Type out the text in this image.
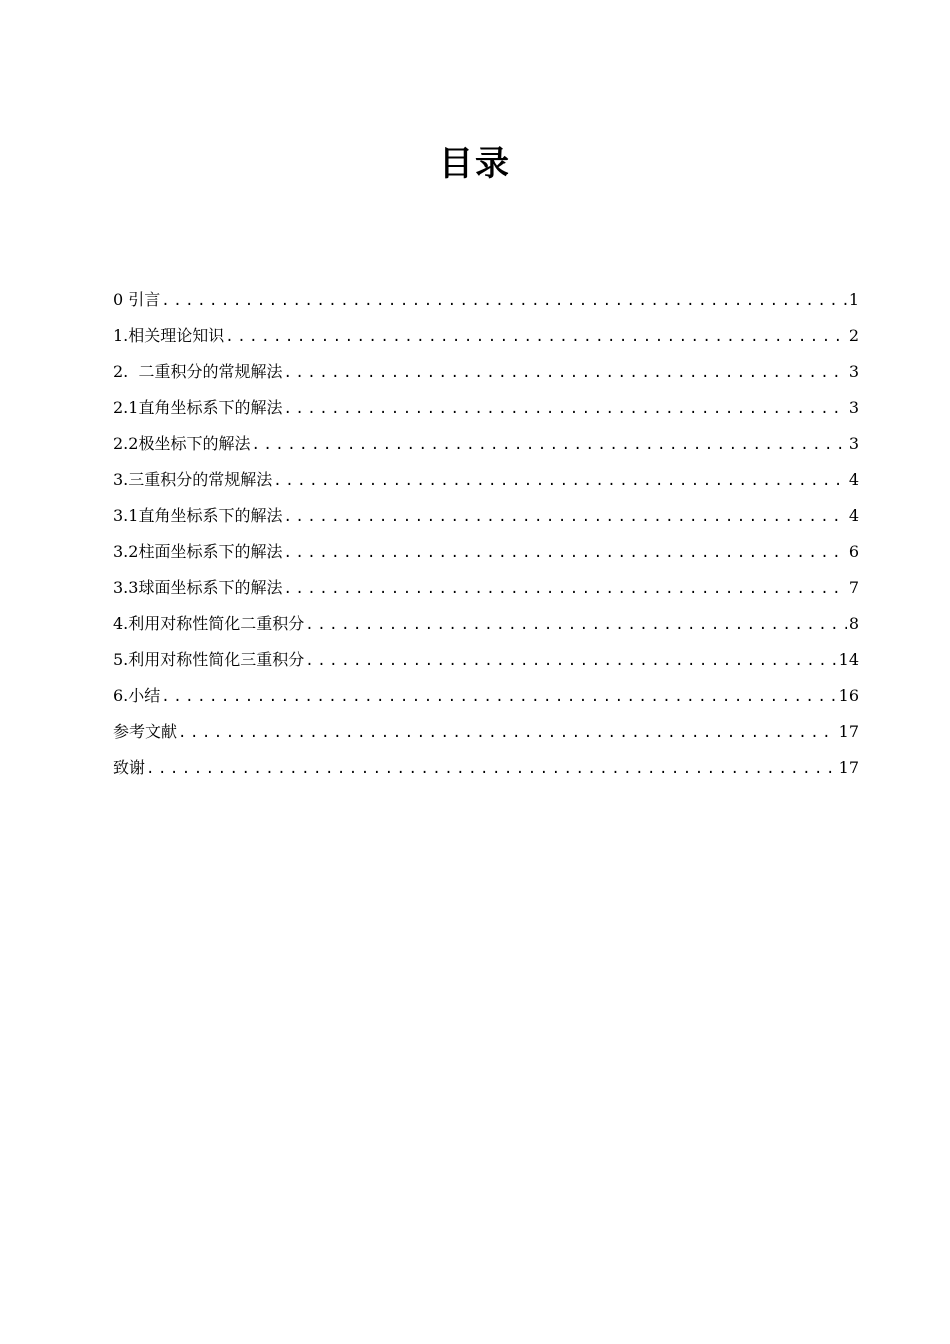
目录
0 引言 .....	1
1.相关理论知识 .....	2
2.  二重积分的常规解法 .....	3
2.1直角坐标系下的解法 .....	3
2.2极坐标下的解法 .....	3
3.三重积分的常规解法 .....	4
3.1直角坐标系下的解法 .....	4
3.2柱面坐标系下的解法 .....	6
3.3球面坐标系下的解法 .....	7
4.利用对称性简化二重积分 .....	8
5.利用对称性简化三重积分 .....	14
6.小结 .....	16
参考文献 .....	17
致谢 .....	17
